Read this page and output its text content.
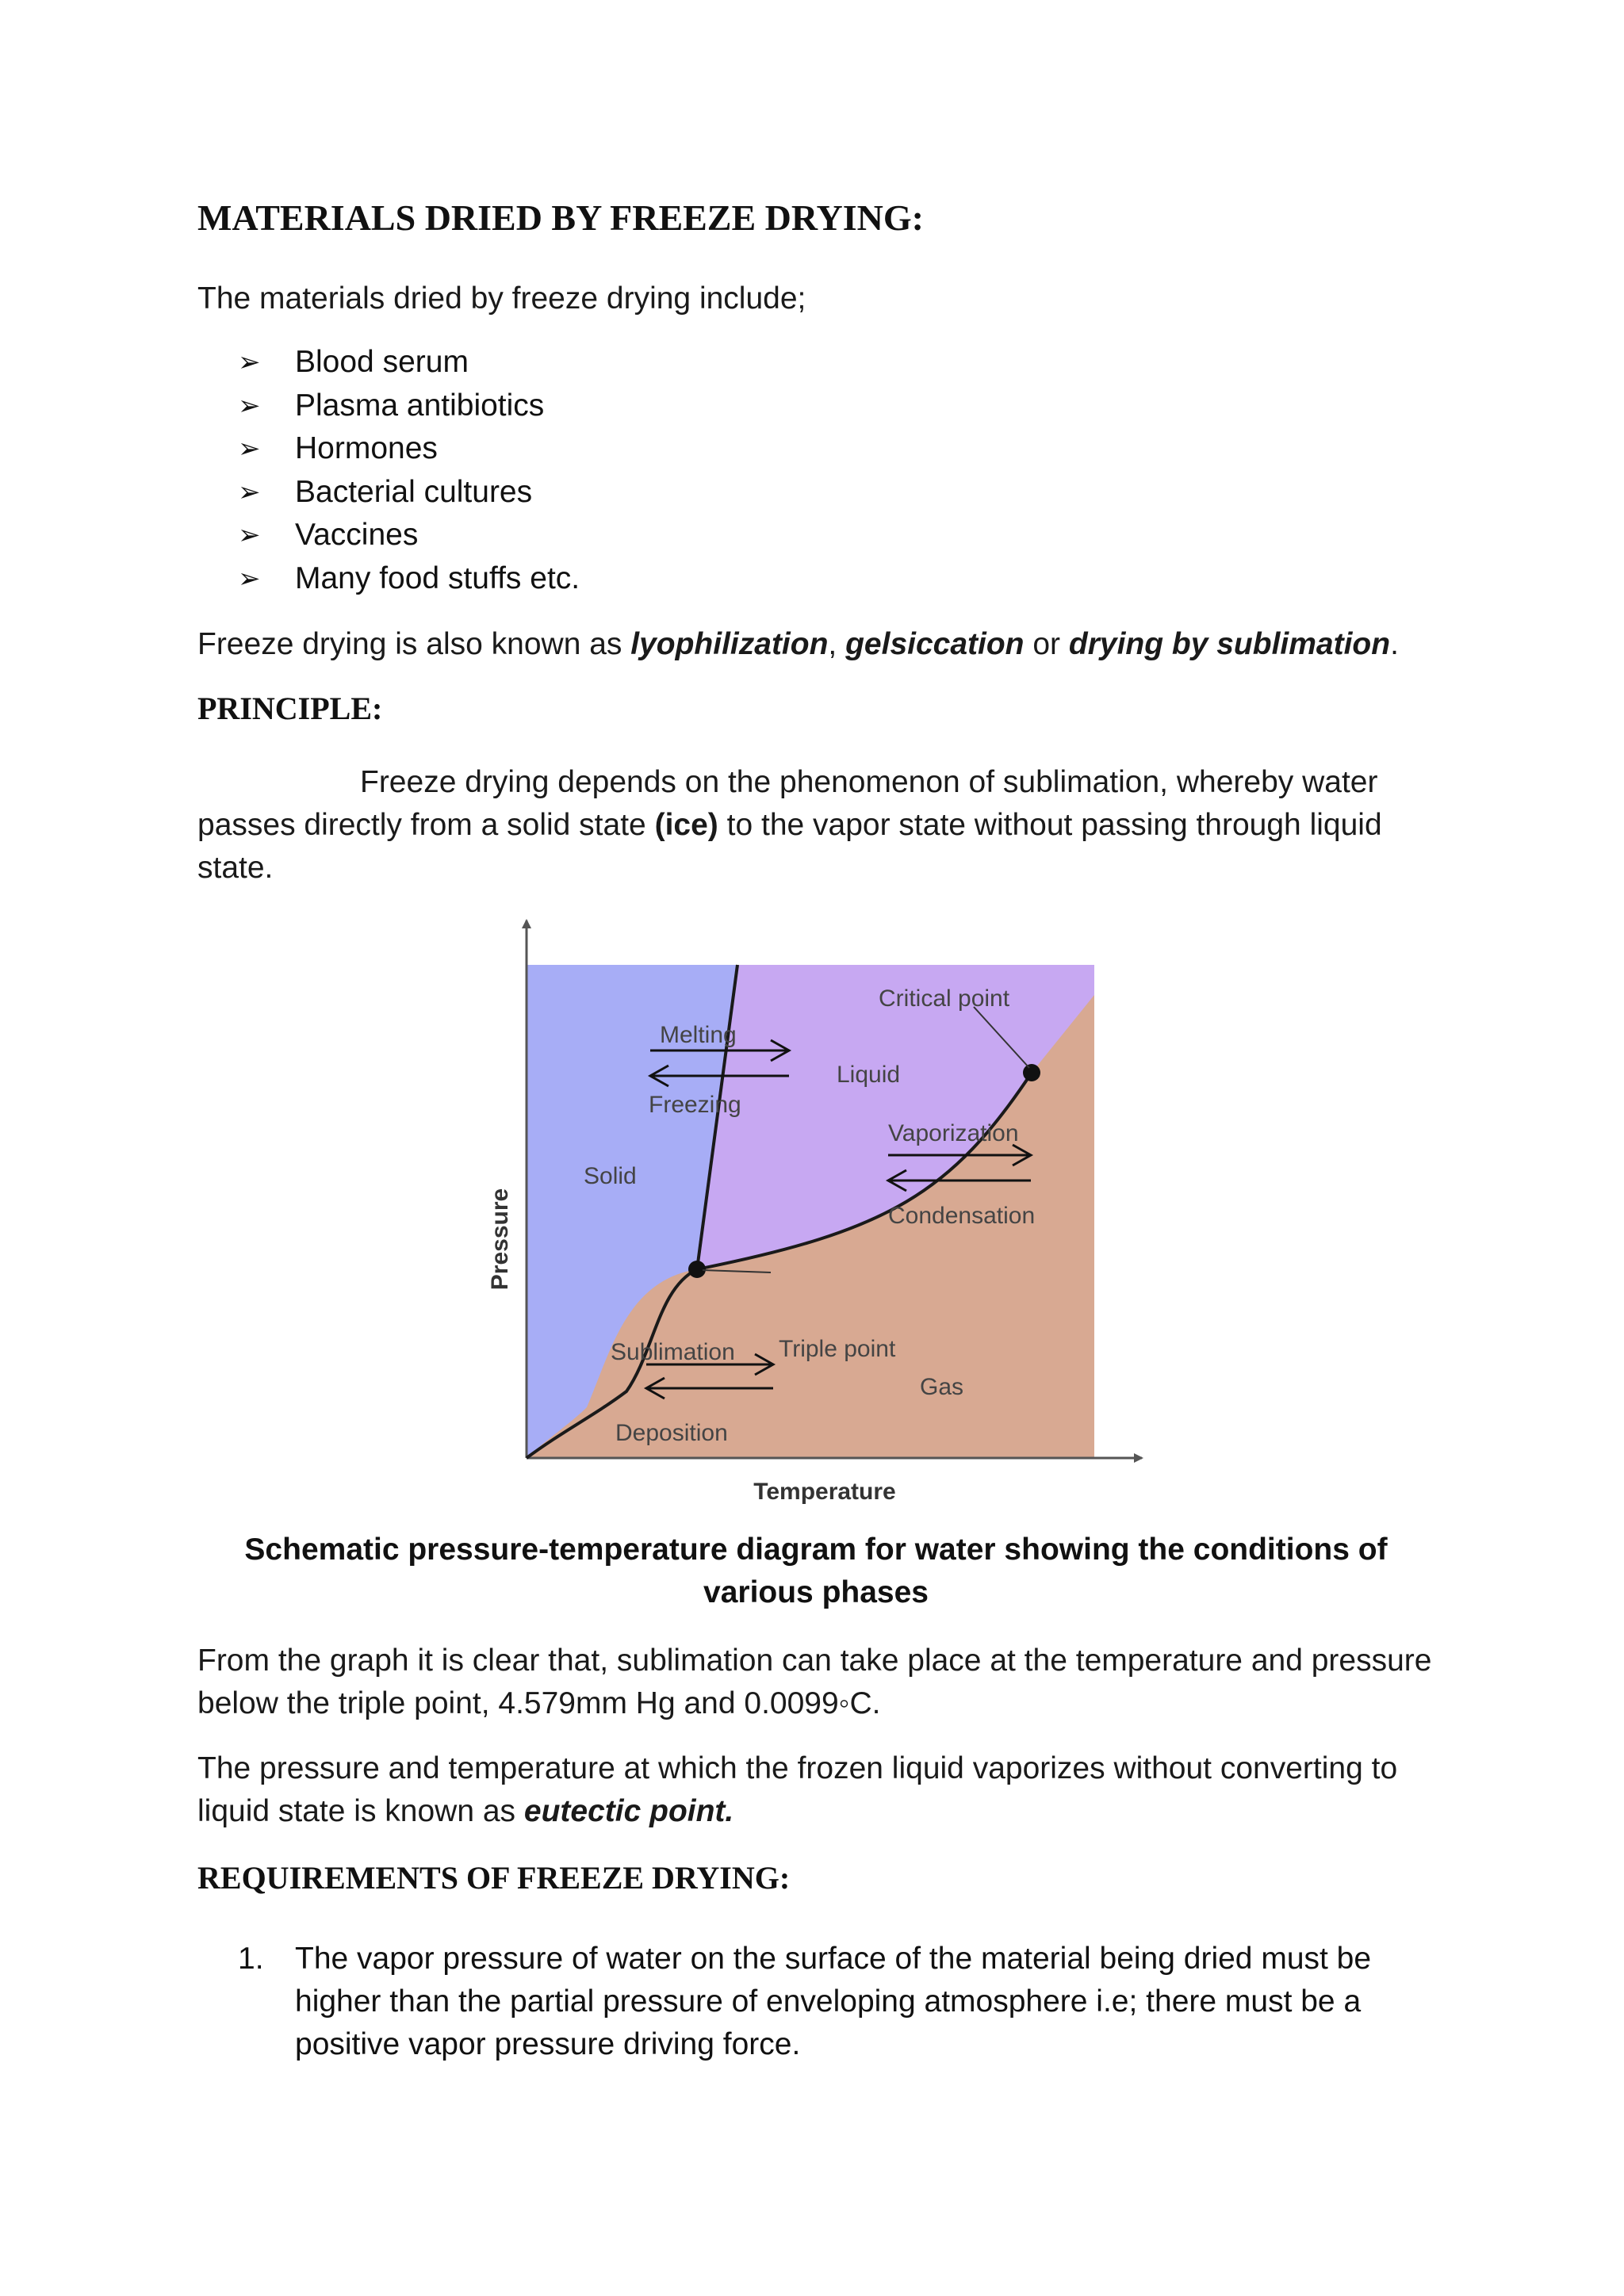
MATERIALS DRIED BY FREEZE DRYING:

The materials dried by freeze drying include;

➢	Blood serum
➢	Plasma antibiotics
➢	Hormones
➢	Bacterial cultures
➢	Vaccines
➢	Many food stuffs etc.

Freeze drying is also known as lyophilization, gelsiccation or drying by sublimation.

PRINCIPLE:

Freeze drying depends on the phenomenon of sublimation, whereby water passes directly from a solid state (ice) to the vapor state without passing through liquid state.

Critical point
Melting
Freezing
Liquid
Vaporization
Condensation
Solid
Sublimation Triple point
Gas
Deposition
Temperature
Pressure

Schematic pressure-temperature diagram for water showing the conditions of various phases

From the graph it is clear that, sublimation can take place at the temperature and pressure below the triple point, 4.579mm Hg and 0.0099◦C.

The pressure and temperature at which the frozen liquid vaporizes without converting to liquid state is known as eutectic point.

REQUIREMENTS OF FREEZE DRYING:
1.	The vapor pressure of water on the surface of the material being dried must be higher than the partial pressure of enveloping atmosphere i.e; there must be a positive vapor pressure driving force.
